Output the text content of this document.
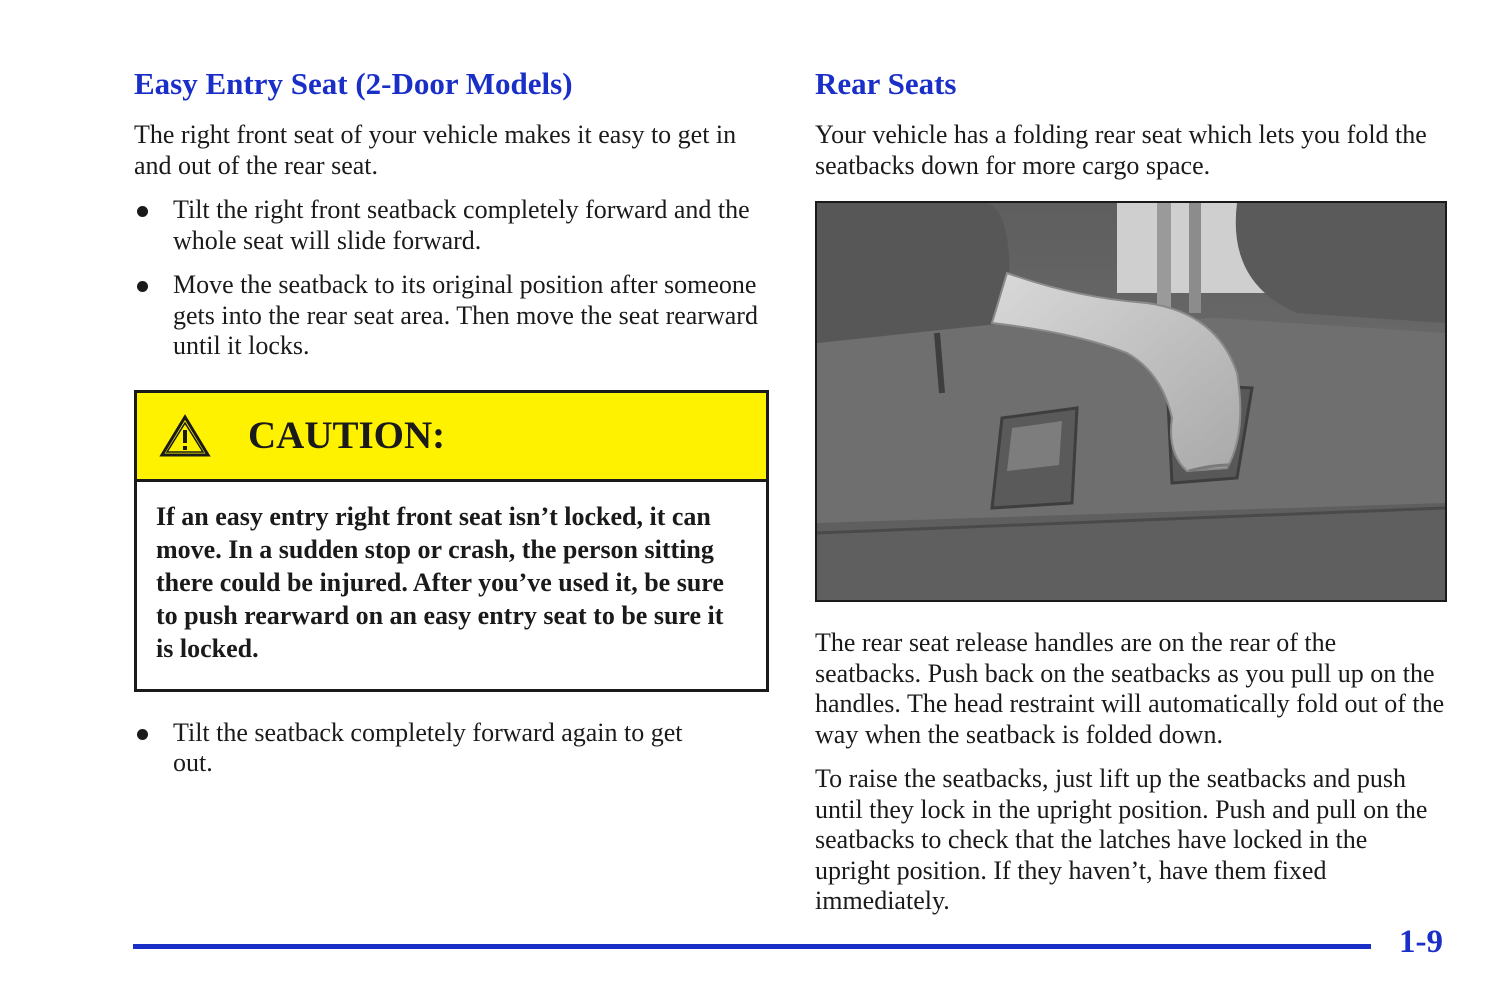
Easy Entry Seat (2-Door Models)

The right front seat of your vehicle makes it easy to get in and out of the rear seat.

Tilt the right front seatback completely forward and the whole seat will slide forward.
Move the seatback to its original position after someone gets into the rear seat area. Then move the seat rearward until it locks.
CAUTION:
If an easy entry right front seat isn’t locked, it can move. In a sudden stop or crash, the person sitting there could be injured. After you’ve used it, be sure to push rearward on an easy entry seat to be sure it is locked.
Tilt the seatback completely forward again to get out.
Rear Seats

Your vehicle has a folding rear seat which lets you fold the seatbacks down for more cargo space.

The rear seat release handles are on the rear of the seatbacks. Push back on the seatbacks as you pull up on the handles. The head restraint will automatically fold out of the way when the seatback is folded down.

To raise the seatbacks, just lift up the seatbacks and push until they lock in the upright position. Push and pull on the seatbacks to check that the latches have locked in the upright position. If they haven’t, have them fixed immediately.

1-9
